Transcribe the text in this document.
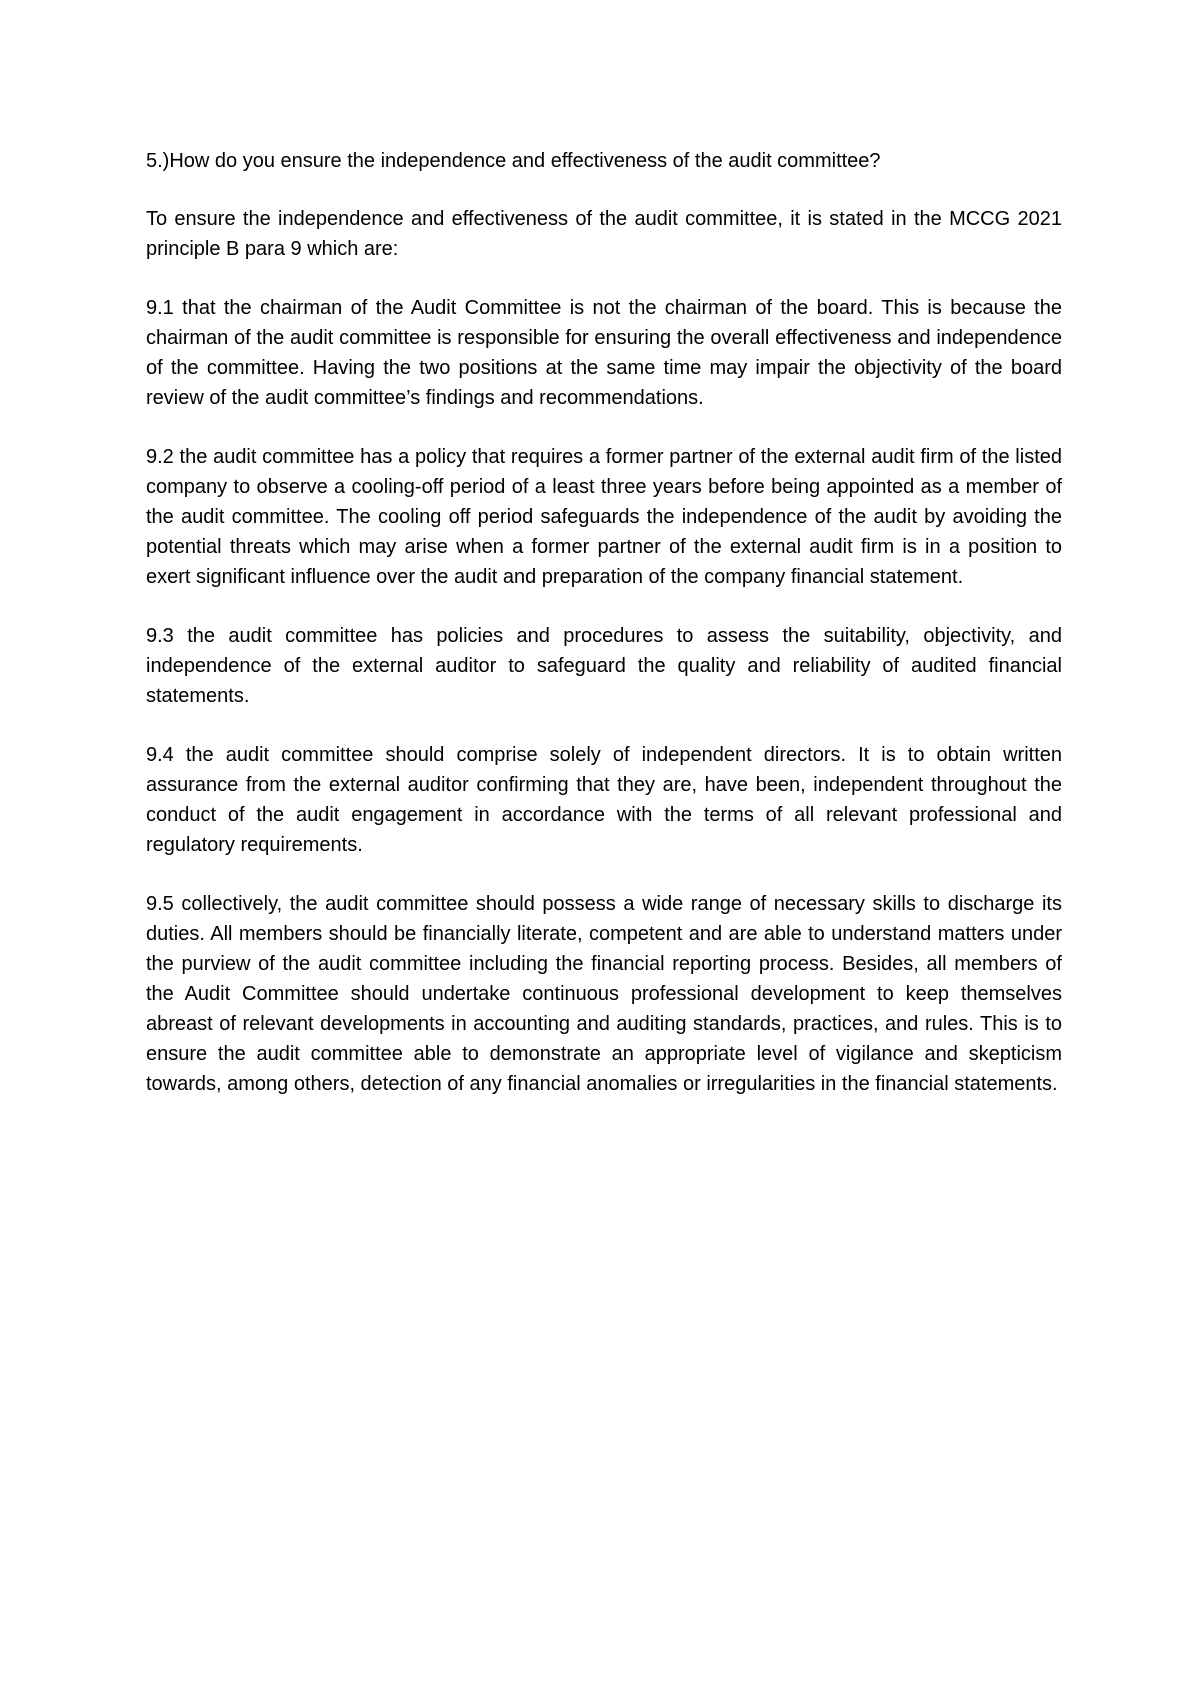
5.)How do you ensure the independence and effectiveness of the audit committee?

To ensure the independence and effectiveness of the audit committee, it is stated in the MCCG 2021 principle B para 9 which are:

9.1 that the chairman of the Audit Committee is not the chairman of the board. This is because the chairman of the audit committee is responsible for ensuring the overall effectiveness and independence of the committee. Having the two positions at the same time may impair the objectivity of the board review of the audit committee’s findings and recommendations.

9.2 the audit committee has a policy that requires a former partner of the external audit firm of the listed company to observe a cooling-off period of a least three years before being appointed as a member of the audit committee. The cooling off period safeguards the independence of the audit by avoiding the potential threats which may arise when a former partner of the external audit firm is in a position to exert significant influence over the audit and preparation of the company financial statement.

9.3 the audit committee has policies and procedures to assess the suitability, objectivity, and independence of the external auditor to safeguard the quality and reliability of audited financial statements.

9.4 the audit committee should comprise solely of independent directors. It is to obtain written assurance from the external auditor confirming that they are, have been, independent throughout the conduct of the audit engagement in accordance with the terms of all relevant professional and regulatory requirements.

9.5 collectively, the audit committee should possess a wide range of necessary skills to discharge its duties. All members should be financially literate, competent and are able to understand matters under the purview of the audit committee including the financial reporting process. Besides, all members of the Audit Committee should undertake continuous professional development to keep themselves abreast of relevant developments in accounting and auditing standards, practices, and rules. This is to ensure the audit committee able to demonstrate an appropriate level of vigilance and skepticism towards, among others, detection of any financial anomalies or irregularities in the financial statements.
